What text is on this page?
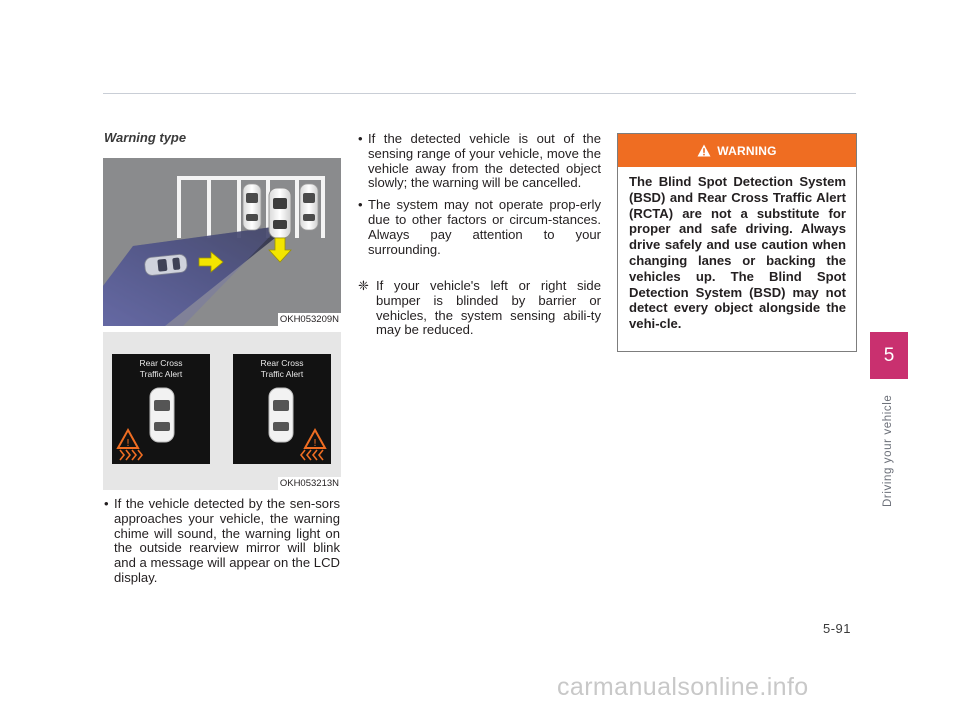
Warning type
OKH053209N
Rear Cross
Traffic Alert
!
Rear Cross
Traffic Alert
!
OKH053213N
• If the vehicle detected by the sen-sors approaches your vehicle, the warning chime will sound, the warning light on the outside rearview mirror will blink and a message will appear on the LCD display.
• If the detected vehicle is out of the sensing range of your vehicle, move the vehicle away from the detected object slowly; the warning will be cancelled.
• The system may not operate prop-erly due to other factors or circum-stances. Always pay attention to your surrounding.
❈ If your vehicle's left or right side bumper is blinded by barrier or vehicles, the system sensing abili-ty may be reduced.
WARNING
The Blind Spot Detection System (BSD) and Rear Cross Traffic Alert (RCTA) are not a substitute for proper and safe driving. Always drive safely and use caution when changing lanes or backing the vehicles up. The Blind Spot Detection System (BSD) may not detect every object alongside the vehi-cle.
5
Driving your vehicle
5-91
carmanualsonline.info
